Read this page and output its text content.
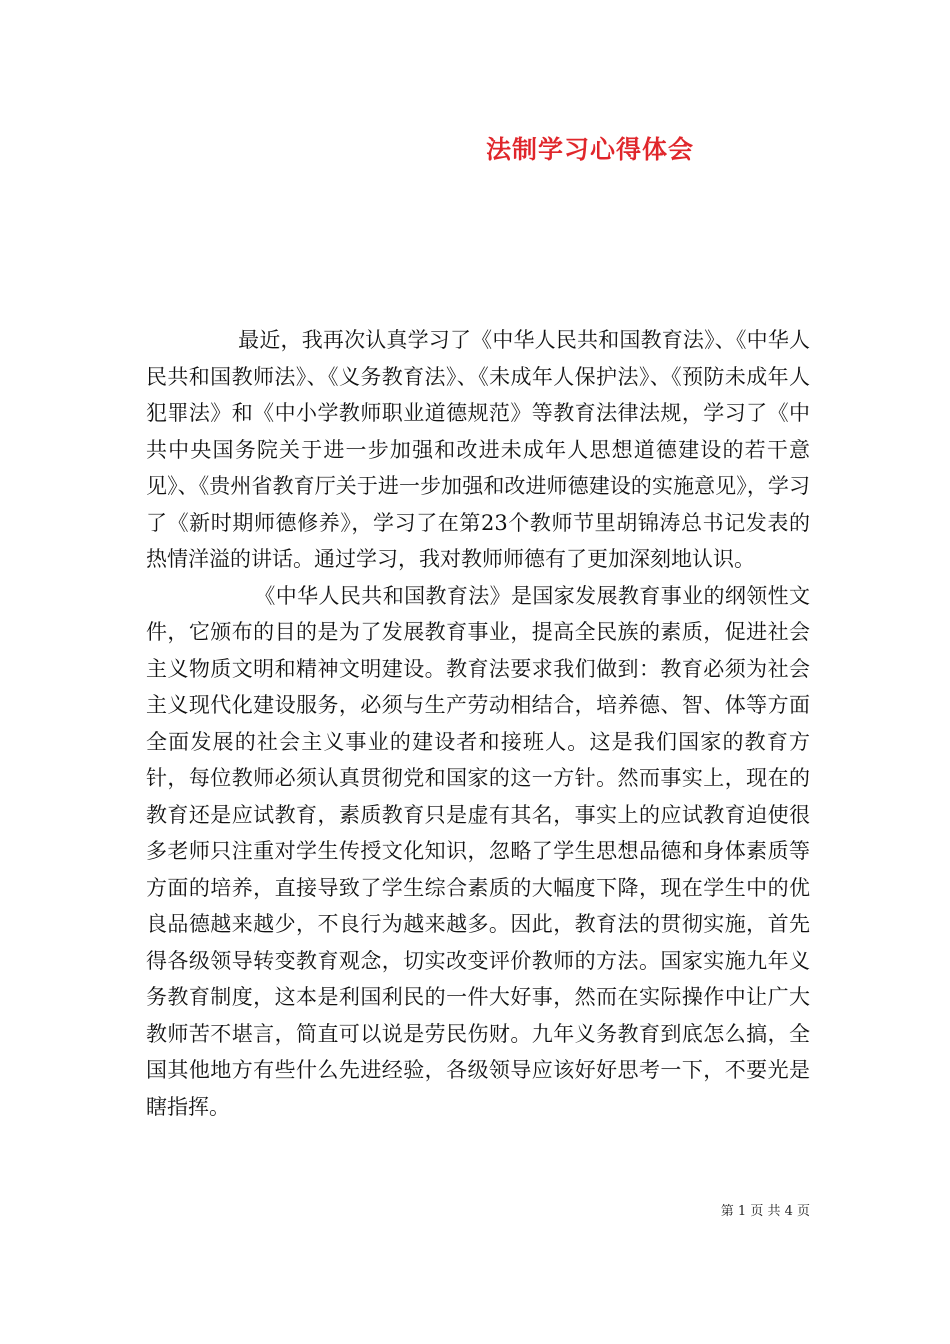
法制学习心得体会

最近，我再次认真学习了《中华人民共和国教育法》、《中华人民共和国教师法》、《义务教育法》、《未成年人保护法》、《预防未成年人犯罪法》和《中小学教师职业道德规范》等教育法律法规，学习了《中共中央国务院关于进一步加强和改进未成年人思想道德建设的若干意见》、《贵州省教育厅关于进一步加强和改进师德建设的实施意见》，学习了《新时期师德修养》，学习了在第23个教师节里胡锦涛总书记发表的热情洋溢的讲话。通过学习，我对教师师德有了更加深刻地认识。

《中华人民共和国教育法》是国家发展教育事业的纲领性文件，它颁布的目的是为了发展教育事业，提高全民族的素质，促进社会主义物质文明和精神文明建设。教育法要求我们做到：教育必须为社会主义现代化建设服务，必须与生产劳动相结合，培养德、智、体等方面全面发展的社会主义事业的建设者和接班人。这是我们国家的教育方针，每位教师必须认真贯彻党和国家的这一方针。然而事实上，现在的教育还是应试教育，素质教育只是虚有其名，事实上的应试教育迫使很多老师只注重对学生传授文化知识，忽略了学生思想品德和身体素质等方面的培养，直接导致了学生综合素质的大幅度下降，现在学生中的优良品德越来越少，不良行为越来越多。因此，教育法的贯彻实施，首先得各级领导转变教育观念，切实改变评价教师的方法。国家实施九年义务教育制度，这本是利国利民的一件大好事，然而在实际操作中让广大教师苦不堪言，简直可以说是劳民伤财。九年义务教育到底怎么搞，全国其他地方有些什么先进经验，各级领导应该好好思考一下，不要光是瞎指挥。

第 1 页 共 4 页
